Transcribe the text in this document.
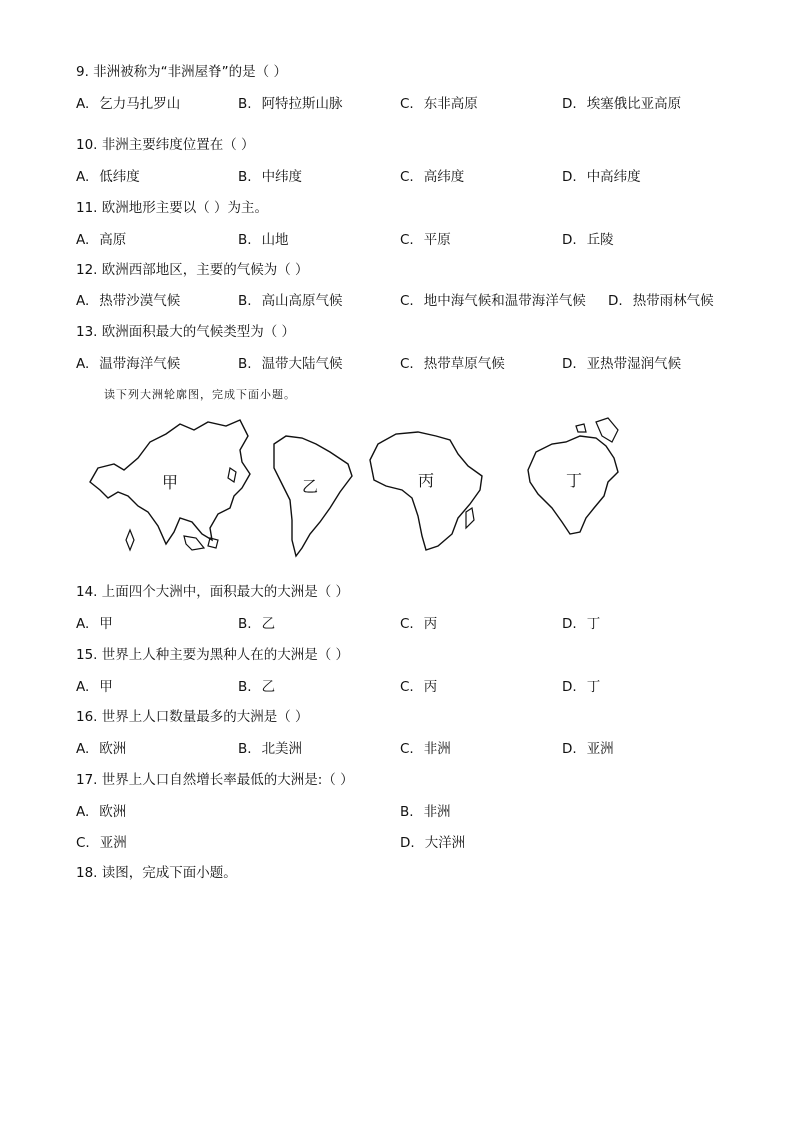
9. 非洲被称为“非洲屋脊”的是（ ）
A. 乞力马扎罗山	B. 阿特拉斯山脉	C. 东非高原	D. 埃塞俄比亚高原
10. 非洲主要纬度位置在（ ）
A. 低纬度	B. 中纬度	C. 高纬度	D. 中高纬度
11. 欧洲地形主要以（ ）为主。
A. 高原	B. 山地	C. 平原	D. 丘陵
12. 欧洲西部地区，主要的气候为（ ）
A. 热带沙漠气候	B. 高山高原气候	C. 地中海气候和温带海洋气候 D. 热带雨林气候
13. 欧洲面积最大的气候类型为（ ）
A. 温带海洋气候	B. 温带大陆气候	C. 热带草原气候	D. 亚热带湿润气候
读下列大洲轮廓图，完成下面小题。
甲	乙	丙	丁
14. 上面四个大洲中，面积最大的大洲是（ ）
A. 甲	B. 乙	C. 丙	D. 丁
15. 世界上人种主要为黑种人在的大洲是（ ）
A. 甲	B. 乙	C. 丙	D. 丁
16. 世界上人口数量最多的大洲是（ ）
A. 欧洲	B. 北美洲	C. 非洲	D. 亚洲
17. 世界上人口自然增长率最低的大洲是:（ ）
A. 欧洲	B. 非洲
C. 亚洲	D. 大洋洲
18. 读图，完成下面小题。
